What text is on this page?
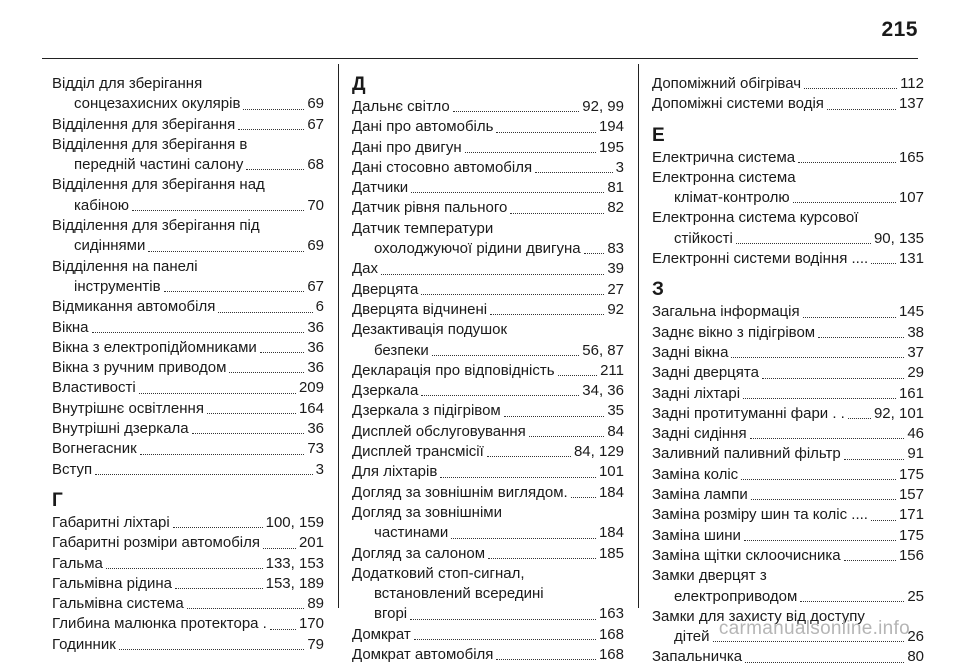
215
Відділ для зберігання
сонцезахисних окулярів	69
Відділення для зберігання	67
Відділення для зберігання в
передній частині салону	68
Відділення для зберігання над
кабіною	70
Відділення для зберігання під
сидіннями	69
Відділення на панелі
інструментів	67
Відмикання автомобіля	6
Вікна	36
Вікна з електропідйомниками	36
Вікна з ручним приводом	36
Властивості	209
Внутрішнє освітлення	164
Внутрішні дзеркала	36
Вогнегасник	73
Вступ	3
Г
Габаритні ліхтарі	100, 159
Габаритні розміри автомобіля	201
Гальма	133, 153
Гальмівна рідина	153, 189
Гальмівна система	89
Глибина малюнка протектора . 170
Годинник	79
Д
Дальнє світло	92, 99
Дані про автомобіль	194
Дані про двигун	195
Дані стосовно автомобіля	3
Датчики	81
Датчик рівня пального	82
Датчик температури
охолоджуючої рідини двигуна 83
Дах	39
Дверцята	27
Дверцята відчинені	92
Дезактивація подушок
безпеки	56, 87
Декларація про відповідність	211
Дзеркала	34, 36
Дзеркала з підігрівом	35
Дисплей обслуговування	84
Дисплей трансмісії	84, 129
Для ліхтарів	101
Догляд за зовнішнім виглядом. 184
Догляд за зовнішніми
частинами	184
Догляд за салоном	185
Додатковий стоп-сигнал,
встановлений всередині
вгорі	163
Домкрат	168
Домкрат автомобіля	168
Допоміжний обігрівач	112
Допоміжні системи водія	137
Е
Електрична система	165
Електронна система
клімат-контролю	107
Електронна система курсової
стійкості	90, 135
Електронні системи водіння .... 131
З
Загальна інформація	145
Заднє вікно з підігрівом	38
Задні вікна	37
Задні дверцята	29
Задні ліхтарі	161
Задні протитуманні фари . . 92, 101
Задні сидіння	46
Заливний паливний фільтр	91
Заміна коліс	175
Заміна лампи	157
Заміна розміру шин та коліс .... 171
Заміна шини	175
Заміна щітки склоочисника	156
Замки дверцят з
електроприводом	25
Замки для захисту від доступу
дітей	26
Запальничка	80
carmanualsonline.info
